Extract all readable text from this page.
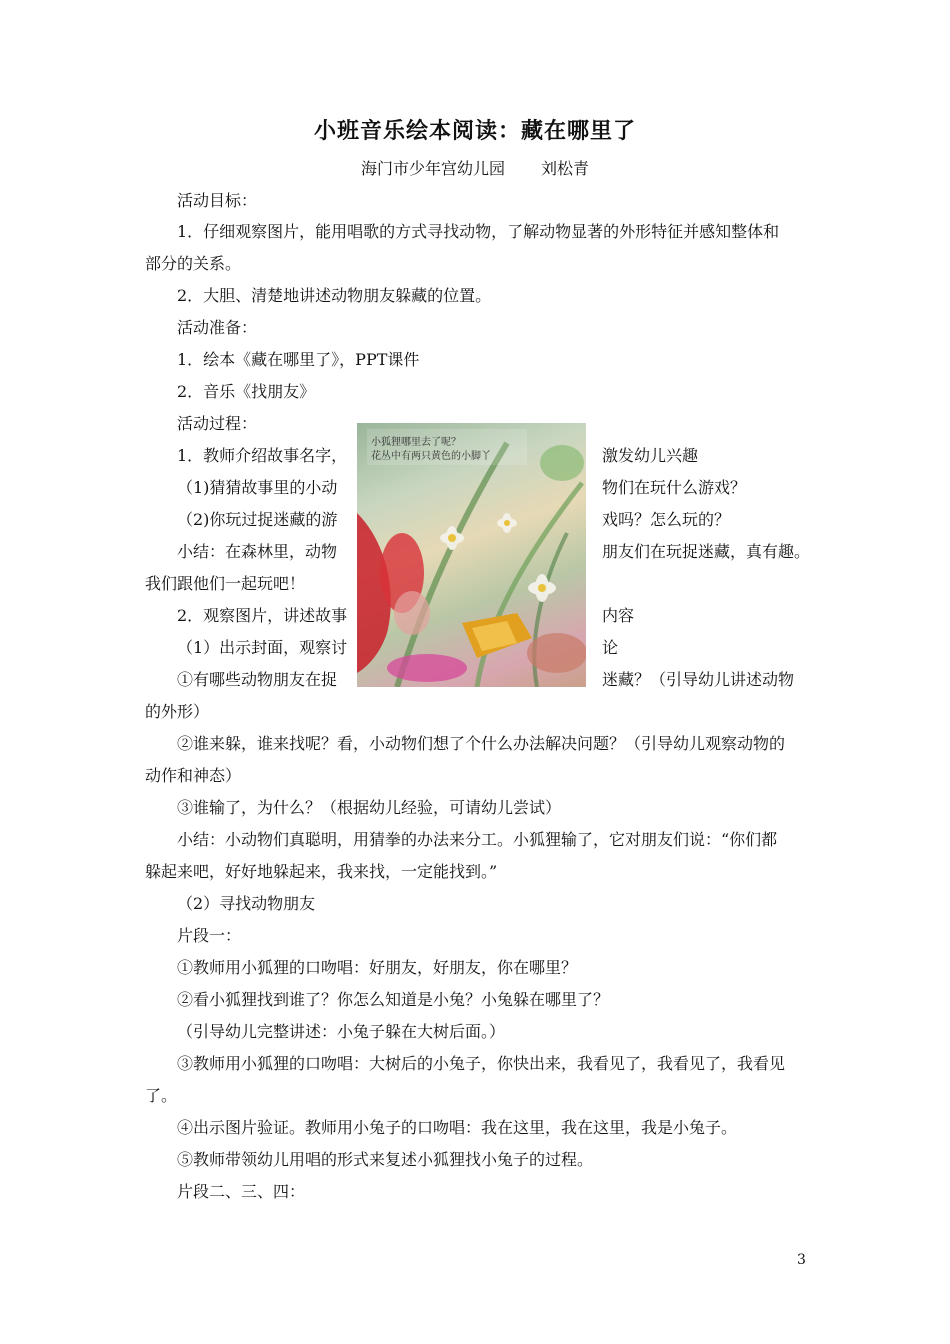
小班音乐绘本阅读：藏在哪里了
海门市少年宫幼儿园 刘松青
活动目标：
1．仔细观察图片，能用唱歌的方式寻找动物，了解动物显著的外形特征并感知整体和
部分的关系。
2．大胆、清楚地讲述动物朋友躲藏的位置。
活动准备：
1．绘本《藏在哪里了》，PPT课件
2．音乐《找朋友》
活动过程：
1．教师介绍故事名字，	激发幼儿兴趣
（1)猜猜故事里的小动	物们在玩什么游戏？
（2)你玩过捉迷藏的游	戏吗？怎么玩的？
小结：在森林里，动物	朋友们在玩捉迷藏，真有趣。
我们跟他们一起玩吧！
2．观察图片，讲述故事	内容
（1）出示封面，观察讨	论
①有哪些动物朋友在捉	迷藏？（引导幼儿讲述动物
的外形）
小狐狸哪里去了呢？
花丛中有两只黄色的小脚丫
②谁来躲，谁来找呢？看，小动物们想了个什么办法解决问题？（引导幼儿观察动物的
动作和神态）
③谁输了，为什么？（根据幼儿经验，可请幼儿尝试）
小结：小动物们真聪明，用猜拳的办法来分工。小狐狸输了，它对朋友们说：“你们都
躲起来吧，好好地躲起来，我来找，一定能找到。”
（2）寻找动物朋友
片段一：
①教师用小狐狸的口吻唱：好朋友，好朋友，你在哪里？
②看小狐狸找到谁了？你怎么知道是小兔？小兔躲在哪里了？
（引导幼儿完整讲述：小兔子躲在大树后面。）
③教师用小狐狸的口吻唱：大树后的小兔子，你快出来，我看见了，我看见了，我看见
了。
④出示图片验证。教师用小兔子的口吻唱：我在这里，我在这里，我是小兔子。
⑤教师带领幼儿用唱的形式来复述小狐狸找小兔子的过程。
片段二、三、四：
3
